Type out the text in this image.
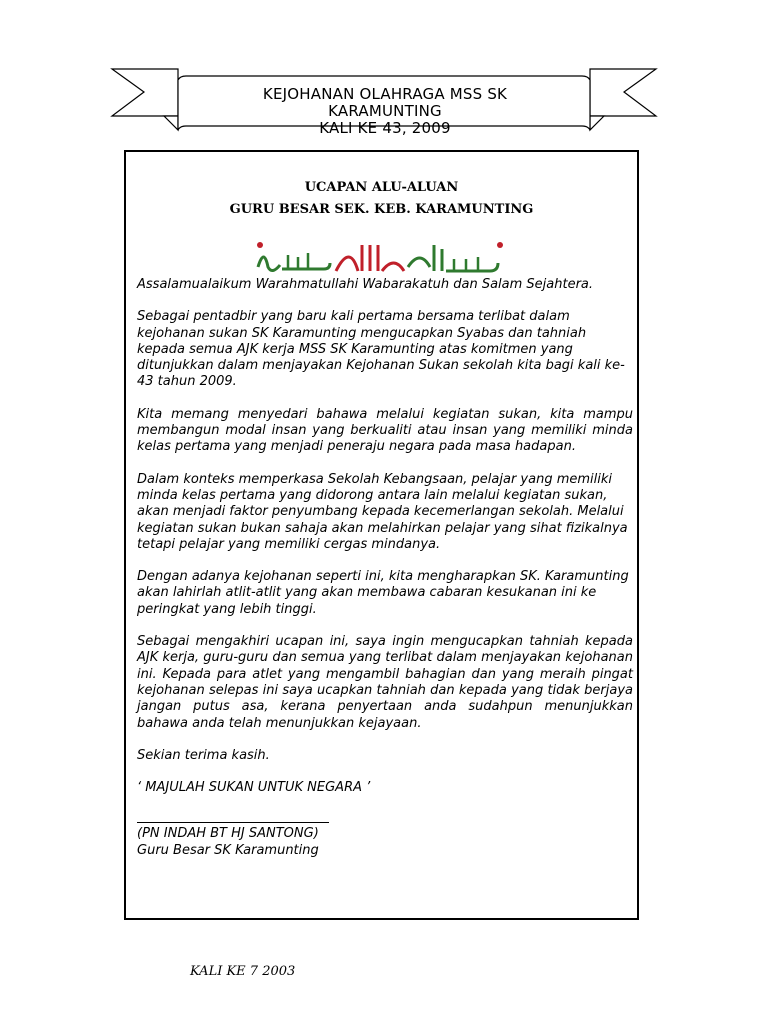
KEJOHANAN OLAHRAGA MSS SK
KARAMUNTING
KALI KE 43, 2009
UCAPAN ALU-ALUAN
GURU BESAR SEK. KEB. KARAMUNTING

Assalamualaikum Warahmatullahi Wabarakatuh dan Salam Sejahtera.

Sebagai pentadbir yang baru kali pertama bersama terlibat dalam kejohanan sukan SK Karamunting mengucapkan Syabas dan tahniah kepada semua AJK kerja MSS SK Karamunting atas komitmen yang ditunjukkan dalam menjayakan Kejohanan Sukan sekolah kita bagi kali ke-43 tahun 2009.

Kita memang menyedari bahawa melalui kegiatan sukan, kita mampu membangun modal insan yang berkualiti atau insan yang memiliki minda kelas pertama yang menjadi peneraju negara pada masa hadapan.

Dalam konteks memperkasa Sekolah Kebangsaan, pelajar yang memiliki minda kelas pertama yang didorong antara lain melalui kegiatan sukan, akan menjadi faktor penyumbang kepada kecemerlangan sekolah. Melalui kegiatan sukan bukan sahaja akan melahirkan pelajar yang sihat fizikalnya tetapi pelajar yang memiliki cergas mindanya.

Dengan adanya kejohanan seperti ini, kita mengharapkan SK. Karamunting akan lahirlah atlit-atlit yang akan membawa cabaran kesukanan ini ke peringkat yang lebih tinggi.

Sebagai mengakhiri ucapan ini, saya ingin mengucapkan tahniah kepada AJK kerja, guru-guru dan semua yang terlibat dalam menjayakan kejohanan ini. Kepada para atlet yang mengambil bahagian dan yang meraih pingat kejohanan selepas ini saya ucapkan tahniah dan kepada yang tidak berjaya jangan putus asa, kerana penyertaan anda sudahpun menunjukkan bahawa anda telah menunjukkan kejayaan.

Sekian terima kasih.

‘ MAJULAH SUKAN UNTUK NEGARA ’

(PN INDAH BT HJ SANTONG)
Guru Besar SK Karamunting
KALI KE 7 2003
